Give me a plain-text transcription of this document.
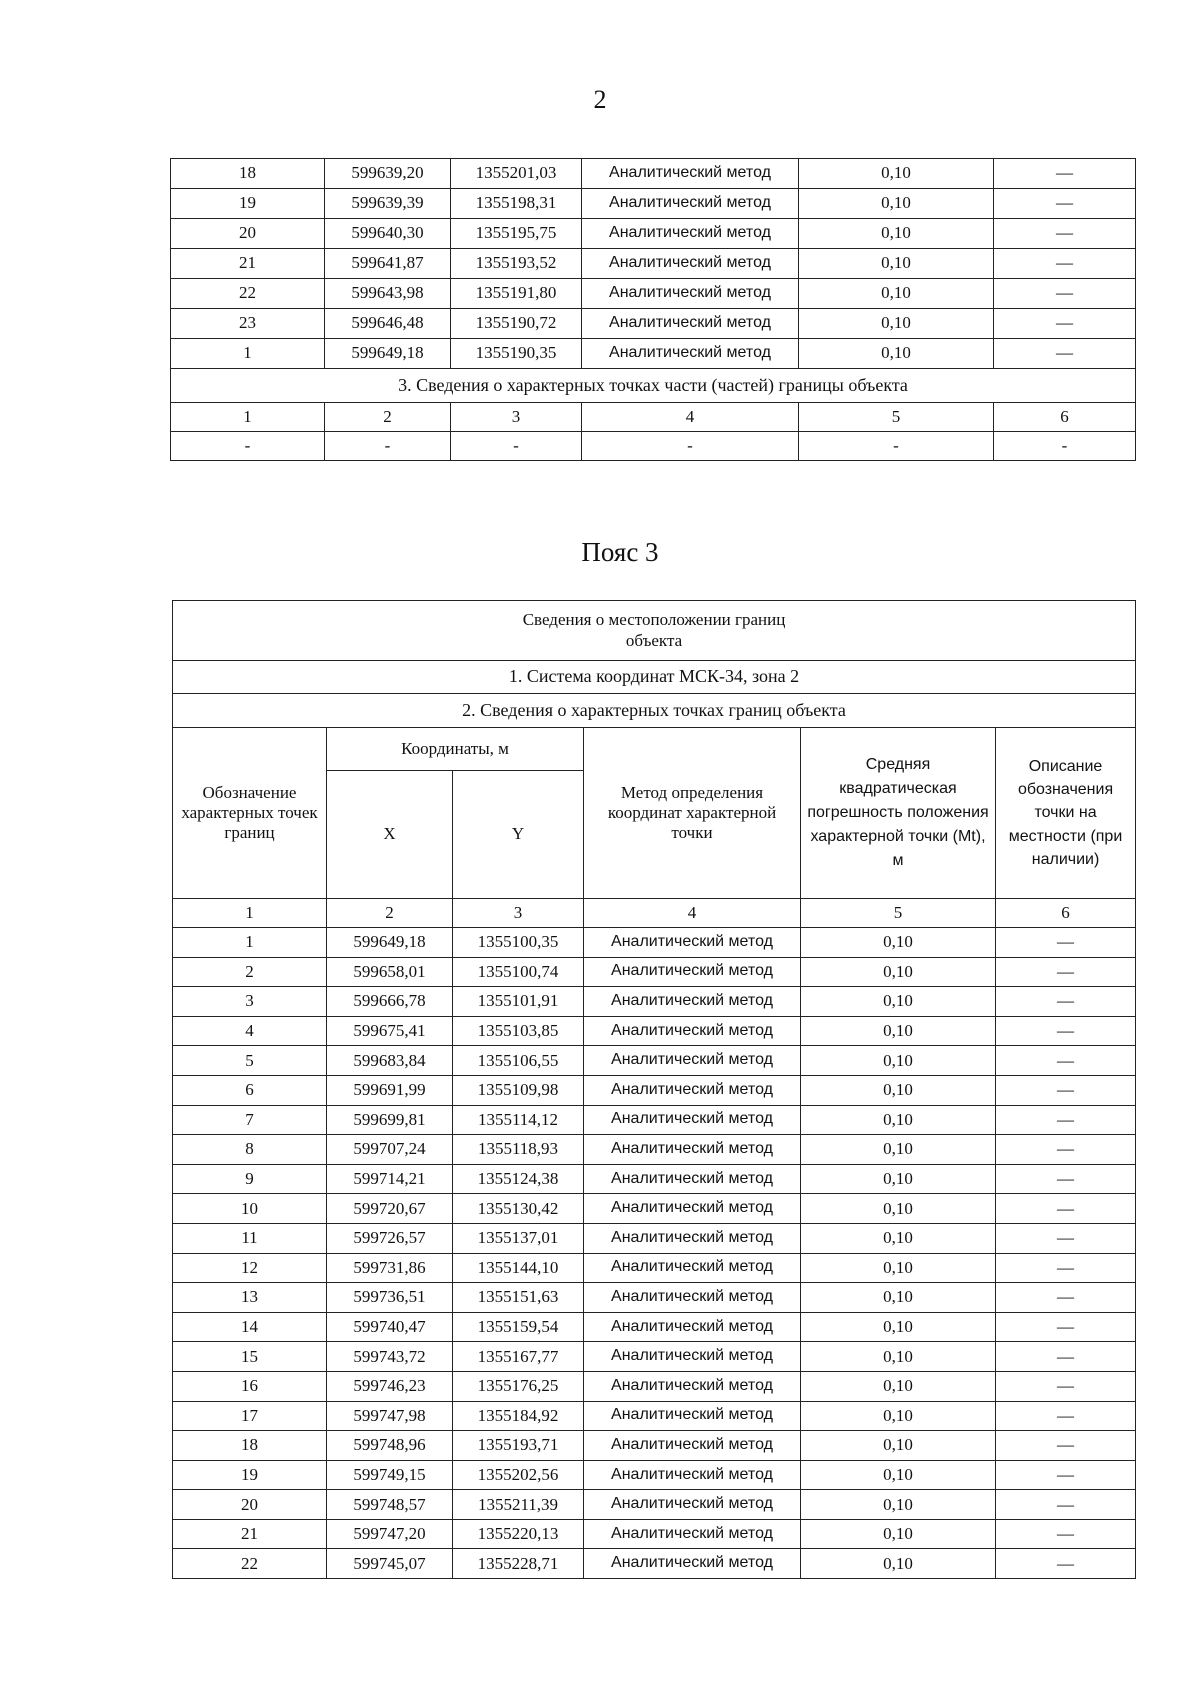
2
18	599639,20	1355201,03	Аналитический метод	0,10	—
19	599639,39	1355198,31	Аналитический метод	0,10	—
20	599640,30	1355195,75	Аналитический метод	0,10	—
21	599641,87	1355193,52	Аналитический метод	0,10	—
22	599643,98	1355191,80	Аналитический метод	0,10	—
23	599646,48	1355190,72	Аналитический метод	0,10	—
1	599649,18	1355190,35	Аналитический метод	0,10	—
3. Сведения о характерных точках части (частей) границы объекта					
1	2	3	4	5	6
-	-	-	-	-	-
Пояс 3
Сведения о местоположении границ
объекта					
1. Система координат МСК-34, зона 2					
2. Сведения о характерных точках границ объекта					
Обозначение характерных точек границ	Координаты, м		Метод определения координат характерной точки	Средняя квадратическая погрешность положения характерной точки (Mt), м	Описание обозначения точки на местности (при наличии)
	X	Y			
1	2	3	4	5	6
1	599649,18	1355100,35	Аналитический метод	0,10	—
2	599658,01	1355100,74	Аналитический метод	0,10	—
3	599666,78	1355101,91	Аналитический метод	0,10	—
4	599675,41	1355103,85	Аналитический метод	0,10	—
5	599683,84	1355106,55	Аналитический метод	0,10	—
6	599691,99	1355109,98	Аналитический метод	0,10	—
7	599699,81	1355114,12	Аналитический метод	0,10	—
8	599707,24	1355118,93	Аналитический метод	0,10	—
9	599714,21	1355124,38	Аналитический метод	0,10	—
10	599720,67	1355130,42	Аналитический метод	0,10	—
11	599726,57	1355137,01	Аналитический метод	0,10	—
12	599731,86	1355144,10	Аналитический метод	0,10	—
13	599736,51	1355151,63	Аналитический метод	0,10	—
14	599740,47	1355159,54	Аналитический метод	0,10	—
15	599743,72	1355167,77	Аналитический метод	0,10	—
16	599746,23	1355176,25	Аналитический метод	0,10	—
17	599747,98	1355184,92	Аналитический метод	0,10	—
18	599748,96	1355193,71	Аналитический метод	0,10	—
19	599749,15	1355202,56	Аналитический метод	0,10	—
20	599748,57	1355211,39	Аналитический метод	0,10	—
21	599747,20	1355220,13	Аналитический метод	0,10	—
22	599745,07	1355228,71	Аналитический метод	0,10	—
